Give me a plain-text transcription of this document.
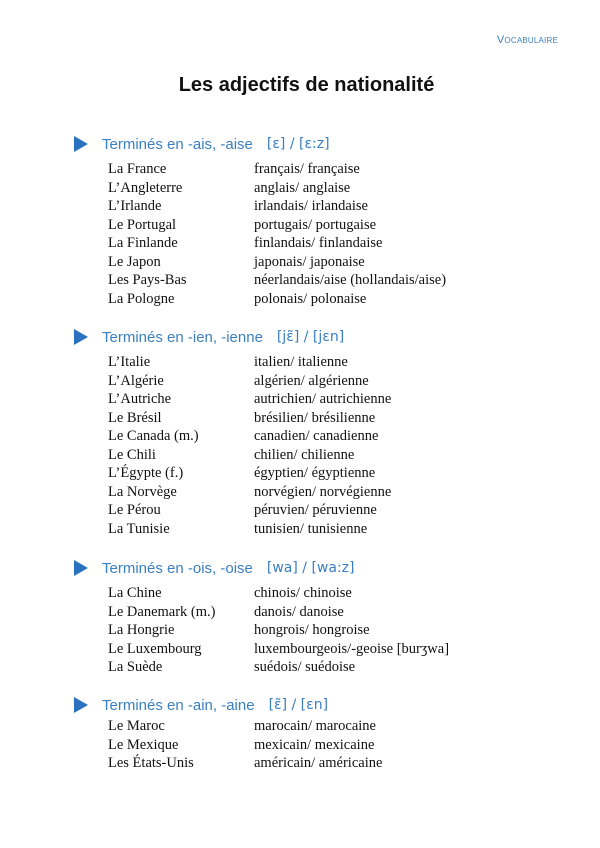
Vocabulaire
Les adjectifs de nationalité
Terminés en -ais, -aise [ɛ] / [ɛ:z]
La France	français/ française
L’Angleterre	anglais/ anglaise
L’Irlande	irlandais/ irlandaise
Le Portugal	portugais/ portugaise
La Finlande	finlandais/ finlandaise
Le Japon	japonais/ japonaise
Les Pays-Bas	néerlandais/aise (hollandais/aise)
La Pologne	polonais/ polonaise
Terminés en -ien, -ienne [jɛ̃] / [jɛn]
L’Italie	italien/ italienne
L’Algérie	algérien/ algérienne
L’Autriche	autrichien/ autrichienne
Le Brésil	brésilien/ brésilienne
Le Canada (m.)	canadien/ canadienne
Le Chili	chilien/ chilienne
L’Égypte (f.)	égyptien/ égyptienne
La Norvège	norvégien/ norvégienne
Le Pérou	péruvien/ péruvienne
La Tunisie	tunisien/ tunisienne
Terminés en -ois, -oise [wa] / [wa:z]
La Chine	chinois/ chinoise
Le Danemark (m.)	danois/ danoise
La Hongrie	hongrois/ hongroise
Le Luxembourg	luxembourgeois/-geoise [burʒwa]
La Suède	suédois/ suédoise
Terminés en -ain, -aine [ɛ̃] / [ɛn]
Le Maroc	marocain/ marocaine
Le Mexique	mexicain/ mexicaine
Les États-Unis	américain/ américaine
